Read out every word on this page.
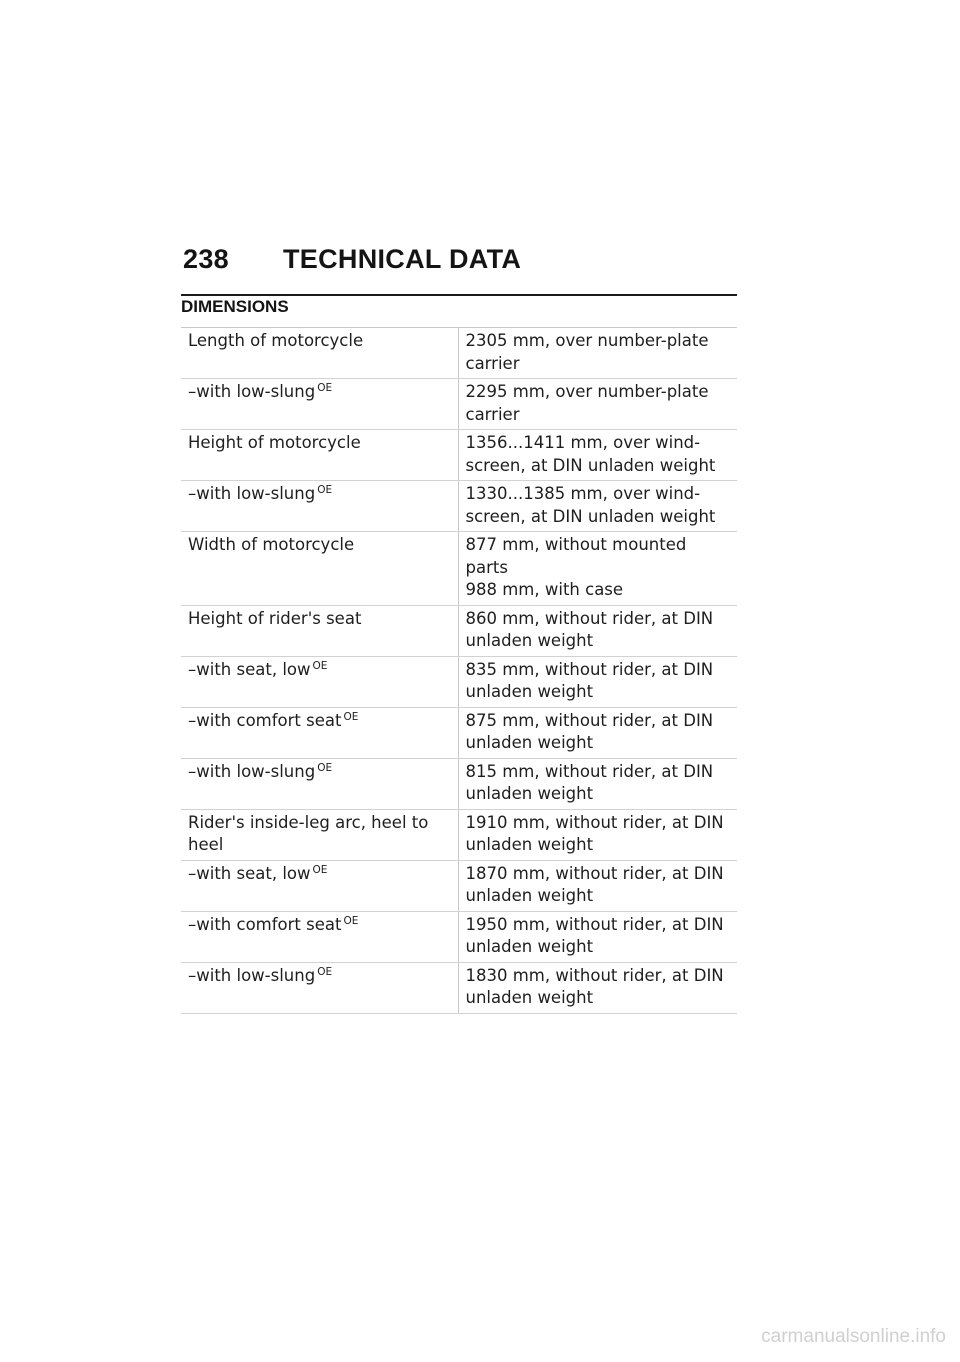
238	TECHNICAL DATA
DIMENSIONS
Length of motorcycle	2305 mm, over number-plate carrier

–with low-slung $^{OE}$	2295 mm, over number-plate carrier

Height of motorcycle	1356...1411 mm, over wind-screen, at DIN unladen weight

–with low-slung $^{OE}$	1330...1385 mm, over wind-screen, at DIN unladen weight

Width of motorcycle	877 mm, without mounted parts
988 mm, with case

Height of rider's seat	860 mm, without rider, at DIN unladen weight

–with seat, low $^{OE}$	835 mm, without rider, at DIN unladen weight

–with comfort seat $^{OE}$	875 mm, without rider, at DIN unladen weight

–with low-slung $^{OE}$	815 mm, without rider, at DIN unladen weight

Rider's inside-leg arc, heel to heel	1910 mm, without rider, at DIN unladen weight

–with seat, low $^{OE}$	1870 mm, without rider, at DIN unladen weight

–with comfort seat $^{OE}$	1950 mm, without rider, at DIN unladen weight

–with low-slung $^{OE}$	1830 mm, without rider, at DIN unladen weight
carmanualsonline.info
